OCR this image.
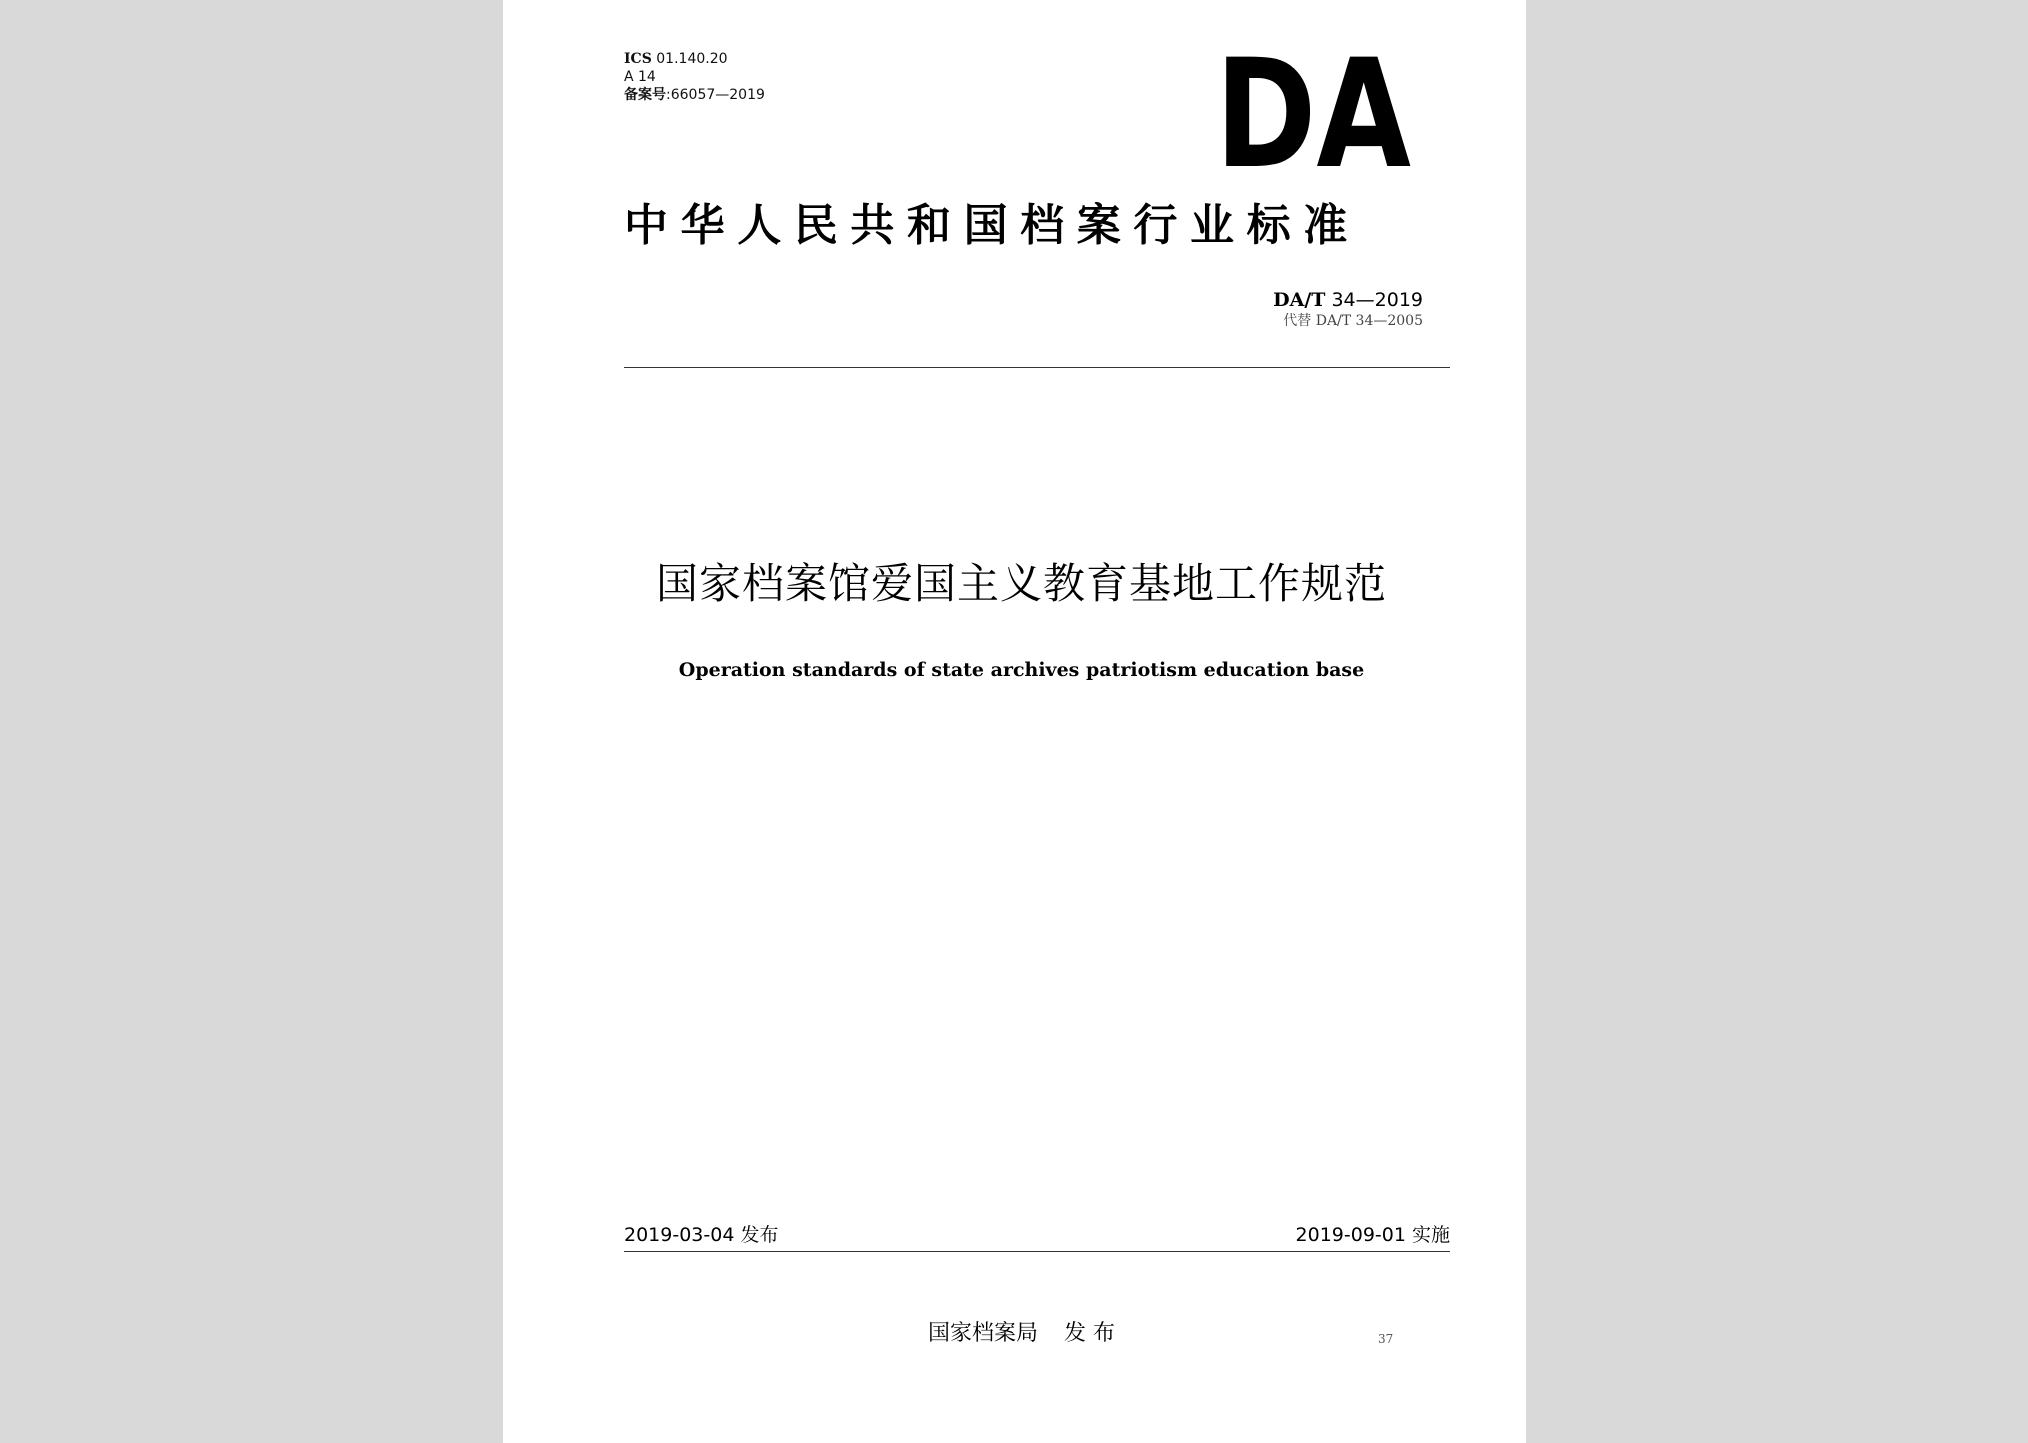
ICS 01.140.20
A 14
备案号:66057—2019	DA
中华人民共和国档案行业标准
DA/T 34—2019
代替 DA/T 34—2005
国家档案馆爱国主义教育基地工作规范
Operation standards of state archives patriotism education base
2019-03-04 发布	2019-09-01 实施
国家档案局 发 布	37
